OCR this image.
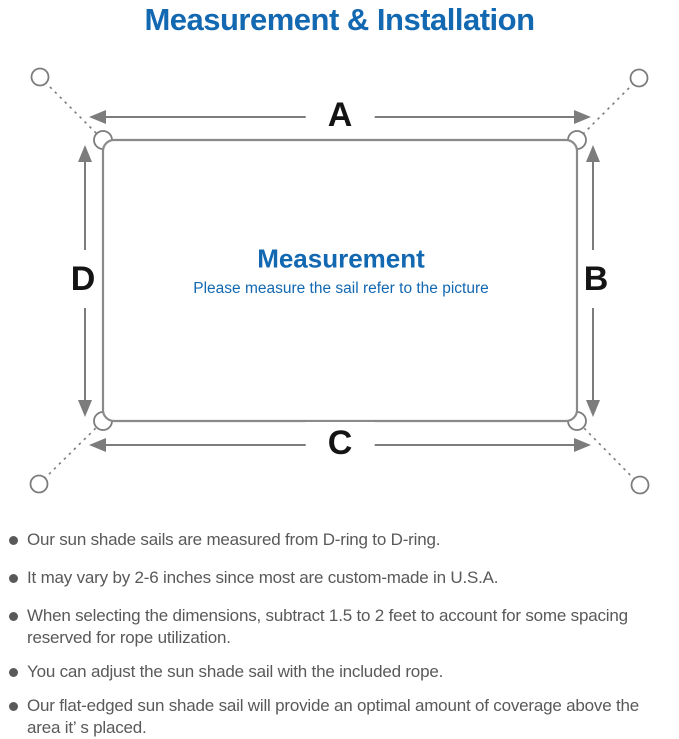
Measurement & Installation
A
D	B
C
Measurement
Please measure the sail refer to the picture
Our sun shade sails are measured from D-ring to D-ring.
It may vary by 2-6 inches since most are custom-made in U.S.A.
When selecting the dimensions, subtract 1.5 to 2 feet to account for some spacing reserved for rope utilization.
You can adjust the sun shade sail with the included rope.
Our flat-edged sun shade sail will provide an optimal amount of coverage above the area it’ s placed.
